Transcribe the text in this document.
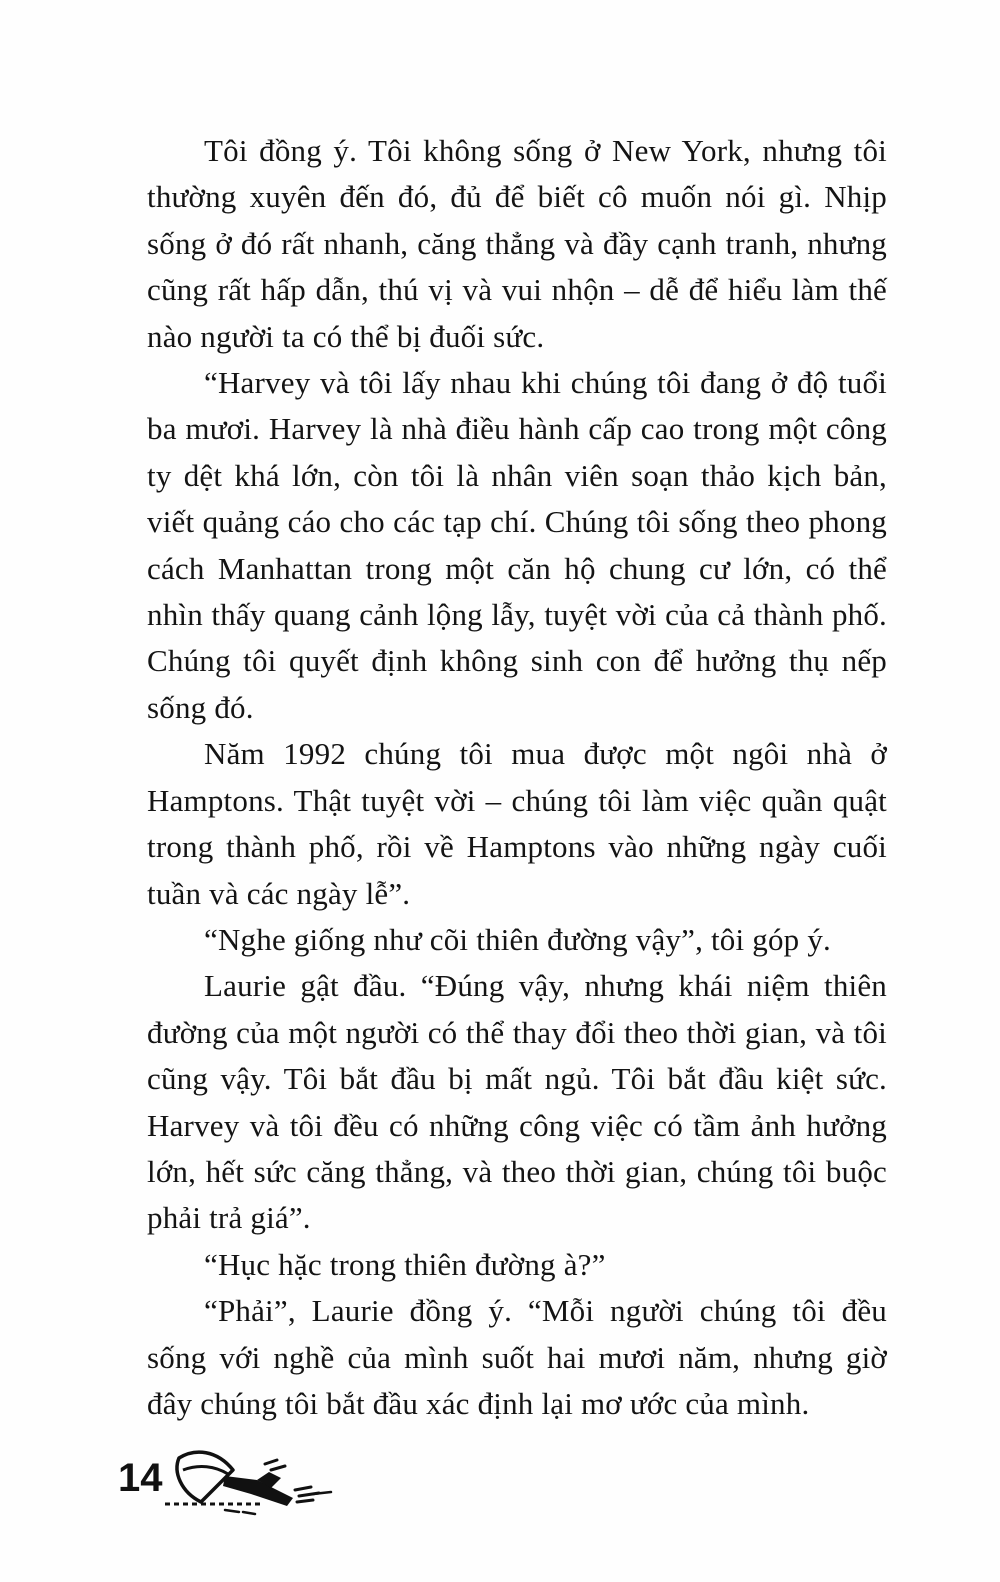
Tôi đồng ý. Tôi không sống ở New York, nhưng tôi thường xuyên đến đó, đủ để biết cô muốn nói gì. Nhịp sống ở đó rất nhanh, căng thẳng và đầy cạnh tranh, nhưng cũng rất hấp dẫn, thú vị và vui nhộn – dễ để hiểu làm thế nào người ta có thể bị đuối sức.

“Harvey và tôi lấy nhau khi chúng tôi đang ở độ tuổi ba mươi. Harvey là nhà điều hành cấp cao trong một công ty dệt khá lớn, còn tôi là nhân viên soạn thảo kịch bản, viết quảng cáo cho các tạp chí. Chúng tôi sống theo phong cách Manhattan trong một căn hộ chung cư lớn, có thể nhìn thấy quang cảnh lộng lẫy, tuyệt vời của cả thành phố. Chúng tôi quyết định không sinh con để hưởng thụ nếp sống đó.

Năm 1992 chúng tôi mua được một ngôi nhà ở Hamptons. Thật tuyệt vời – chúng tôi làm việc quần quật trong thành phố, rồi về Hamptons vào những ngày cuối tuần và các ngày lễ”.

“Nghe giống như cõi thiên đường vậy”, tôi góp ý.

Laurie gật đầu. “Đúng vậy, nhưng khái niệm thiên đường của một người có thể thay đổi theo thời gian, và tôi cũng vậy. Tôi bắt đầu bị mất ngủ. Tôi bắt đầu kiệt sức. Harvey và tôi đều có những công việc có tầm ảnh hưởng lớn, hết sức căng thẳng, và theo thời gian, chúng tôi buộc phải trả giá”.

“Hục hặc trong thiên đường à?”

“Phải”, Laurie đồng ý. “Mỗi người chúng tôi đều sống với nghề của mình suốt hai mươi năm, nhưng giờ đây chúng tôi bắt đầu xác định lại mơ ước của mình.

14
